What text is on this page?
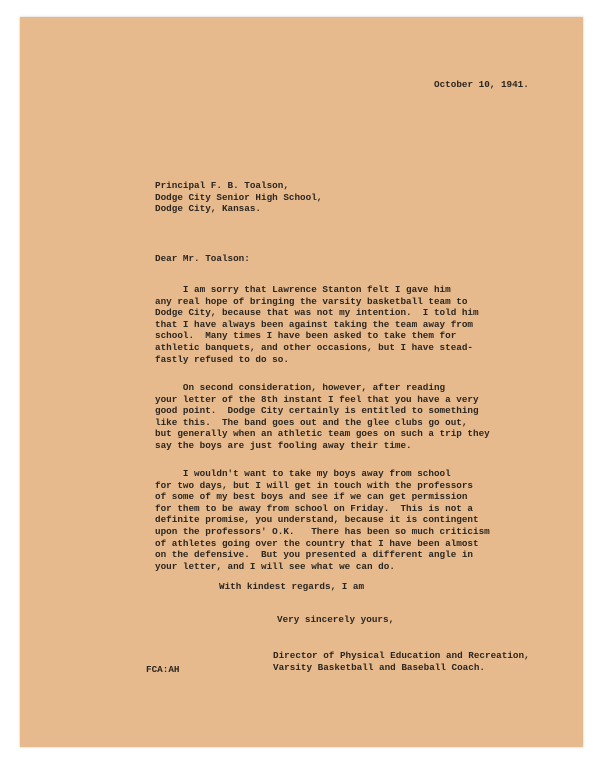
October 10, 1941.
Principal F. B. Toalson,
Dodge City Senior High School,
Dodge City, Kansas.
Dear Mr. Toalson:
I am sorry that Lawrence Stanton felt I gave him
any real hope of bringing the varsity basketball team to
Dodge City, because that was not my intention.  I told him
that I have always been against taking the team away from
school.  Many times I have been asked to take them for
athletic banquets, and other occasions, but I have stead-
fastly refused to do so.
On second consideration, however, after reading
your letter of the 8th instant I feel that you have a very
good point.  Dodge City certainly is entitled to something
like this.  The band goes out and the glee clubs go out,
but generally when an athletic team goes on such a trip they
say the boys are just fooling away their time.
I wouldn't want to take my boys away from school
for two days, but I will get in touch with the professors
of some of my best boys and see if we can get permission
for them to be away from school on Friday.  This is not a
definite promise, you understand, because it is contingent
upon the professors' O.K.   There has been so much criticism
of athletes going over the country that I have been almost
on the defensive.  But you presented a different angle in
your letter, and I will see what we can do.
With kindest regards, I am
Very sincerely yours,
Director of Physical Education and Recreation,
Varsity Basketball and Baseball Coach.
FCA:AH
